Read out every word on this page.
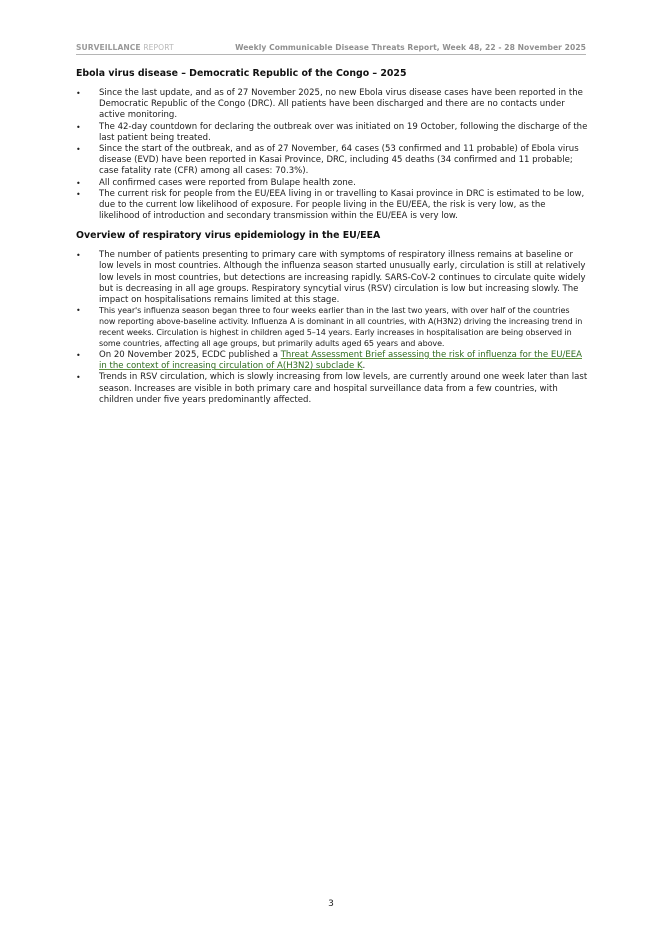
SURVEILLANCE REPORT	Weekly Communicable Disease Threats Report, Week 48, 22 - 28 November 2025
Ebola virus disease – Democratic Republic of the Congo – 2025
• Since the last update, and as of 27 November 2025, no new Ebola virus disease cases have been reported in the Democratic Republic of the Congo (DRC). All patients have been discharged and there are no contacts under active monitoring.
• The 42-day countdown for declaring the outbreak over was initiated on 19 October, following the discharge of the last patient being treated.
• Since the start of the outbreak, and as of 27 November, 64 cases (53 confirmed and 11 probable) of Ebola virus disease (EVD) have been reported in Kasai Province, DRC, including 45 deaths (34 confirmed and 11 probable; case fatality rate (CFR) among all cases: 70.3%).
• All confirmed cases were reported from Bulape health zone.
• The current risk for people from the EU/EEA living in or travelling to Kasai province in DRC is estimated to be low, due to the current low likelihood of exposure. For people living in the EU/EEA, the risk is very low, as the likelihood of introduction and secondary transmission within the EU/EEA is very low.
Overview of respiratory virus epidemiology in the EU/EEA
• The number of patients presenting to primary care with symptoms of respiratory illness remains at baseline or low levels in most countries. Although the influenza season started unusually early, circulation is still at relatively low levels in most countries, but detections are increasing rapidly. SARS-CoV-2 continues to circulate quite widely but is decreasing in all age groups. Respiratory syncytial virus (RSV) circulation is low but increasing slowly. The impact on hospitalisations remains limited at this stage.
• This year's influenza season began three to four weeks earlier than in the last two years, with over half of the countries now reporting above-baseline activity. Influenza A is dominant in all countries, with A(H3N2) driving the increasing trend in recent weeks. Circulation is highest in children aged 5–14 years. Early increases in hospitalisation are being observed in some countries, affecting all age groups, but primarily adults aged 65 years and above.
• On 20 November 2025, ECDC published a Threat Assessment Brief assessing the risk of influenza for the EU/EEA in the context of increasing circulation of A(H3N2) subclade K.
• Trends in RSV circulation, which is slowly increasing from low levels, are currently around one week later than last season. Increases are visible in both primary care and hospital surveillance data from a few countries, with children under five years predominantly affected.
3
